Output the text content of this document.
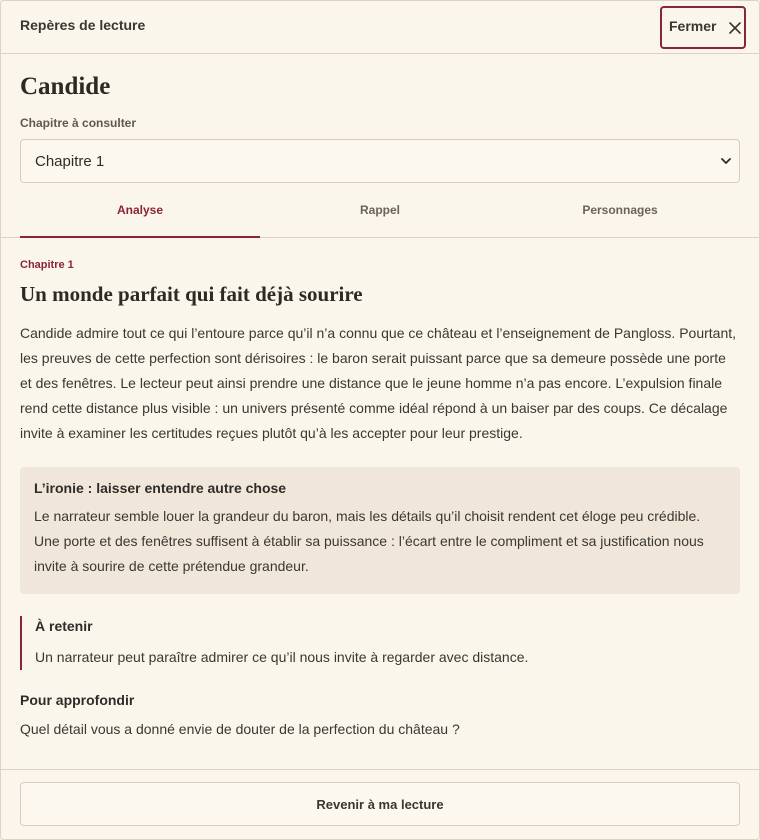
Repères de lecture	Fermer
Candide
Chapitre à consulter
Chapitre 1
Analyse	Rappel	Personnages
Chapitre 1
Un monde parfait qui fait déjà sourire
Candide admire tout ce qui l’entoure parce qu’il n’a connu que ce château et l’enseignement de Pangloss. Pourtant, les preuves de cette perfection sont dérisoires : le baron serait puissant parce que sa demeure possède une porte et des fenêtres. Le lecteur peut ainsi prendre une distance que le jeune homme n’a pas encore. L’expulsion finale rend cette distance plus visible : un univers présenté comme idéal répond à un baiser par des coups. Ce décalage invite à examiner les certitudes reçues plutôt qu’à les accepter pour leur prestige.
L’ironie : laisser entendre autre chose
Le narrateur semble louer la grandeur du baron, mais les détails qu’il choisit rendent cet éloge peu crédible. Une porte et des fenêtres suffisent à établir sa puissance : l’écart entre le compliment et sa justification nous invite à sourire de cette prétendue grandeur.
À retenir
Un narrateur peut paraître admirer ce qu’il nous invite à regarder avec distance.
Pour approfondir
Quel détail vous a donné envie de douter de la perfection du château ?
Revenir à ma lecture
